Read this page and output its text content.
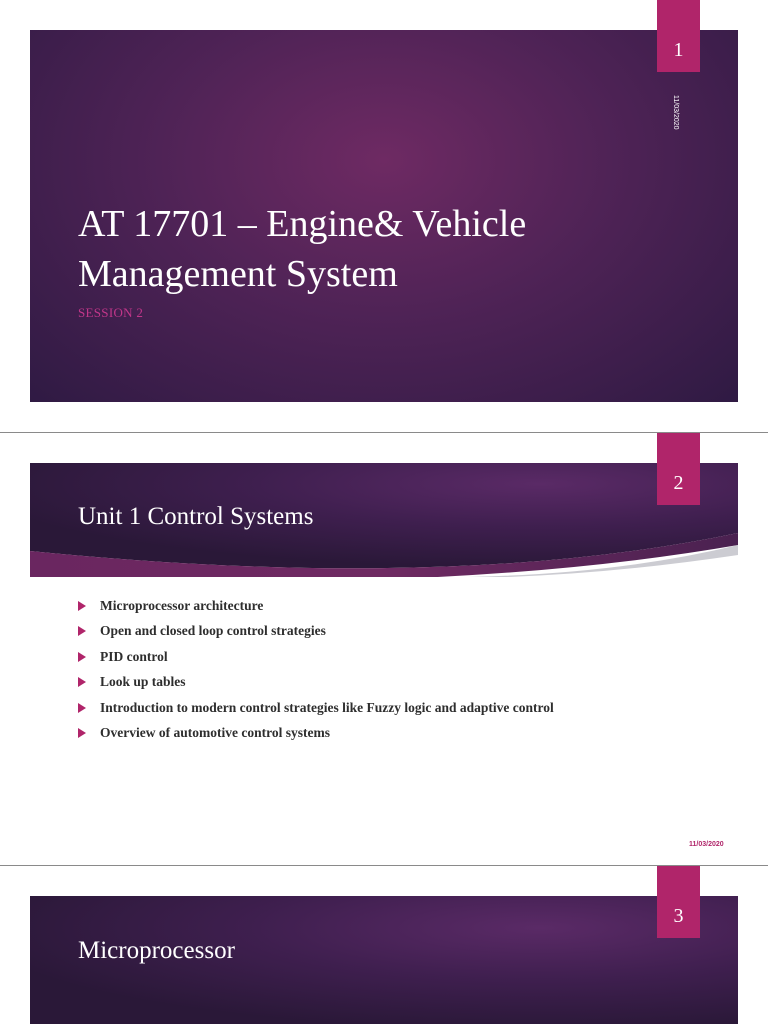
1
11/03/2020
AT 17701 – Engine& Vehicle
Management System
SESSION 2
2
Unit 1 Control Systems
Microprocessor architecture
Open and closed loop control strategies
PID control
Look up tables
Introduction to modern control strategies like Fuzzy logic and adaptive control
Overview of automotive control systems
11/03/2020
3
Microprocessor
